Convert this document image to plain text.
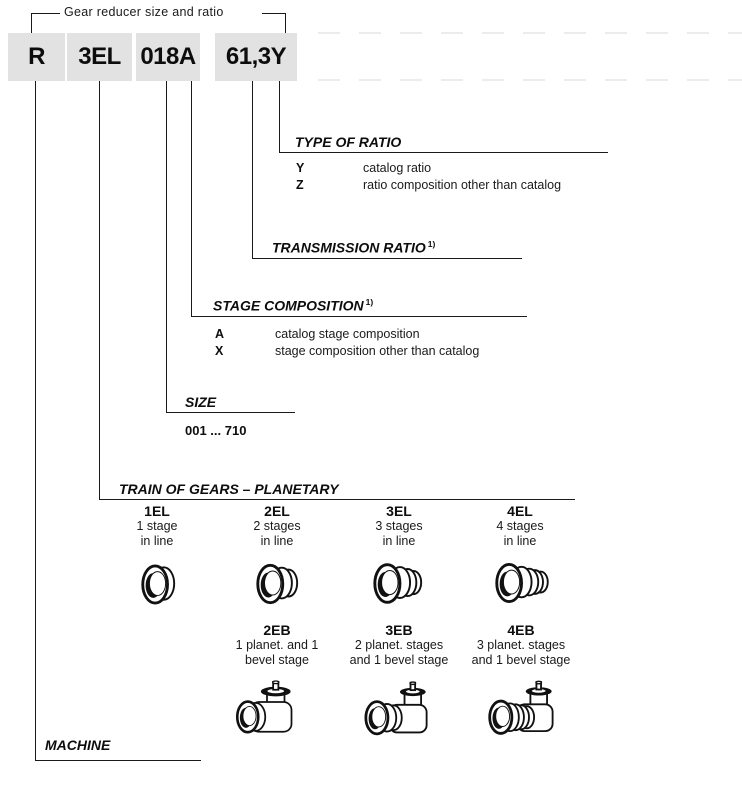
Gear reducer size and ratio
R	3EL 018A	61,3Y
TYPE OF RATIO
Y	catalog ratio
Z	ratio composition other than catalog
TRANSMISSION RATIO $^{1)}$
STAGE COMPOSITION $^{1)}$
A	catalog stage composition
X	stage composition other than catalog
SIZE
001 ... 710
TRAIN OF GEARS – PLANETARY
1EL
1 stage
in line
2EL
2 stages
in line
3EL
3 stages
in line
4EL
4 stages
in line
2EB
1 planet. and 1
bevel stage
3EB
2 planet. stages
and 1 bevel stage
4EB
3 planet. stages
and 1 bevel stage
MACHINE
